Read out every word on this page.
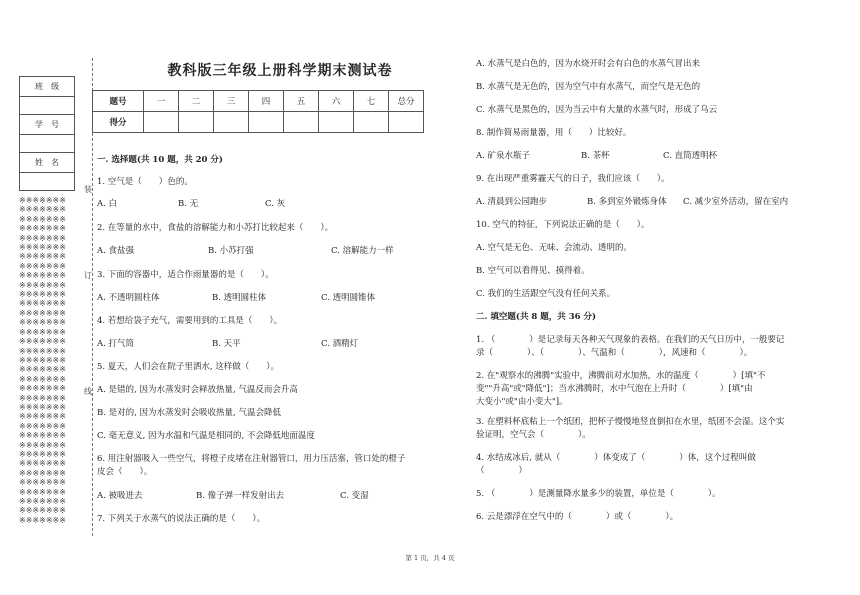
班　级

学　号

姓　名

※※※※※※※
※※※※※※※
※※※※※※※
※※※※※※※
※※※※※※※
※※※※※※※
※※※※※※※
※※※※※※※
※※※※※※※
※※※※※※※
※※※※※※※
※※※※※※※
※※※※※※※
※※※※※※※
※※※※※※※
※※※※※※※
※※※※※※※
※※※※※※※
※※※※※※※
※※※※※※※
※※※※※※※
※※※※※※※
※※※※※※※
※※※※※※※
※※※※※※※
※※※※※※※
※※※※※※※
※※※※※※※
※※※※※※※
※※※※※※※
※※※※※※※
※※※※※※※
※※※※※※※
※※※※※※※
※※※※※※※
装
订
线
教科版三年级上册科学期末测试卷
题号	一	二	三	四	五	六	七	总分
得分								
一. 选择题(共 10 题，共 20 分)
1. 空气是（　　）色的。
A. 白	B. 无	C. 灰
2. 在等量的水中，食盐的溶解能力和小苏打比较起来（　　）。
A. 食盐强	B. 小苏打强	C. 溶解能力一样
3. 下面的容器中，适合作雨量器的是（　　）。
A. 不透明圆柱体	B. 透明圆柱体	C. 透明圆锥体
4. 若想给袋子充气，需要用到的工具是（　　）。
A. 打气筒	B. 天平	C. 酒精灯
5. 夏天，人们会在院子里洒水, 这样做（　　）。
A. 是错的, 因为水蒸发时会释放热量, 气温反而会升高
B. 是对的, 因为水蒸发时会吸收热量, 气温会降低
C. 毫无意义, 因为水温和气温是相同的, 不会降低地面温度
6. 用注射器吸入一些空气，将橙子皮堵在注射器管口，用力压活塞，管口处的橙子
皮会（　　）。
A. 被吸进去	B. 像子弹一样发射出去	C. 变湿
7. 下列关于水蒸气的说法正确的是（　　）。
A. 水蒸气是白色的，因为水烧开时会有白色的水蒸气冒出来
B. 水蒸气是无色的，因为空气中有水蒸气，而空气是无色的
C. 水蒸气是黑色的，因为当云中有大量的水蒸气时，形成了乌云
8. 制作简易雨量器，用（　　）比较好。
A. 矿泉水瓶子	B. 茶杯	C. 直筒透明杯
9. 在出现严重雾霾天气的日子，我们应该（　　）。
A. 清晨到公园跑步	B. 多到室外锻炼身体 C. 减少室外活动，留在室内
10. 空气的特征，下列说法正确的是（　　）。
A. 空气是无色、无味、会流动、透明的。
B. 空气可以看得见、摸得着。
C. 我们的生活跟空气没有任何关系。
二. 填空题(共 8 题，共 36 分)
1. （　　　　）是记录每天各种天气现象的表格。在我们的天气日历中，一般要记
录（　　　　）、（　　　　）、气温和（　　　　），风速和（　　　　）。
2. 在"观察水的沸腾"实验中，沸腾前对水加热，水的温度（　　　　）[填"不
变""升高"或"降低"]；当水沸腾时，水中气泡在上升时（　　　　）[填"由
大变小"或"由小变大"]。
3. 在塑料杯底粘上一个纸团，把杯子慢慢地竖直倒扣在水里，纸团不会湿。这个实
验证明，空气会（　　　　）。
4. 水结成冰后, 就从（　　　　）体变成了（　　　　）体，这个过程叫做
（　　　　）
5. （　　　　）是测量降水量多少的装置，单位是（　　　　）。
6. 云是漂浮在空气中的（　　　　）或（　　　　）。
第 1 页，共 4 页
